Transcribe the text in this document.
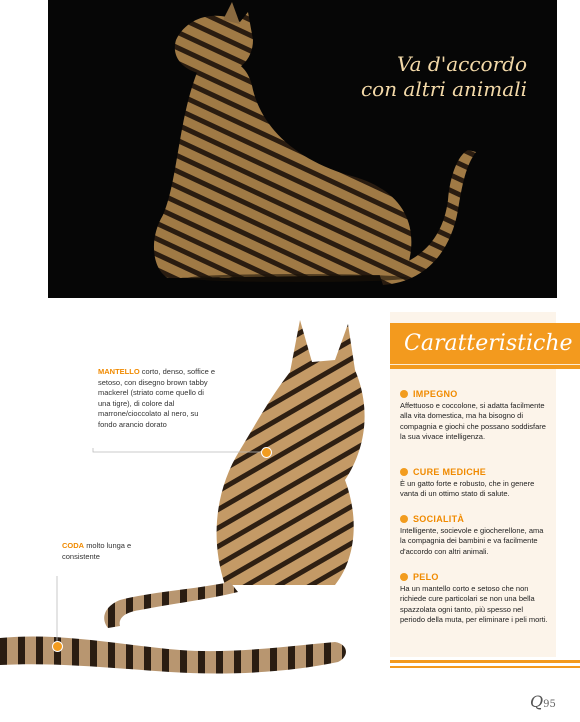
Va d'accordo
con altri animali
MANTELLO corto, denso, soffice e setoso, con disegno brown tabby mackerel (striato come quello di una tigre), di colore dal marrone/cioccolato al nero, su fondo arancio dorato
CODA molto lunga e consistente
Caratteristiche
IMPEGNO
Affettuoso e coccolone, si adatta facilmente alla vita domestica, ma ha bisogno di compagnia e giochi che possano soddisfare la sua vivace intelligenza.
CURE MEDICHE
È un gatto forte e robusto, che in genere vanta di un ottimo stato di salute.
SOCIALITÀ
Intelligente, socievole e giocherellone, ama la compagnia dei bambini e va facilmente d'accordo con altri animali.
PELO
Ha un mantello corto e setoso che non richiede cure particolari se non una bella spazzolata ogni tanto, più spesso nel periodo della muta, per eliminare i peli morti.
Q95
